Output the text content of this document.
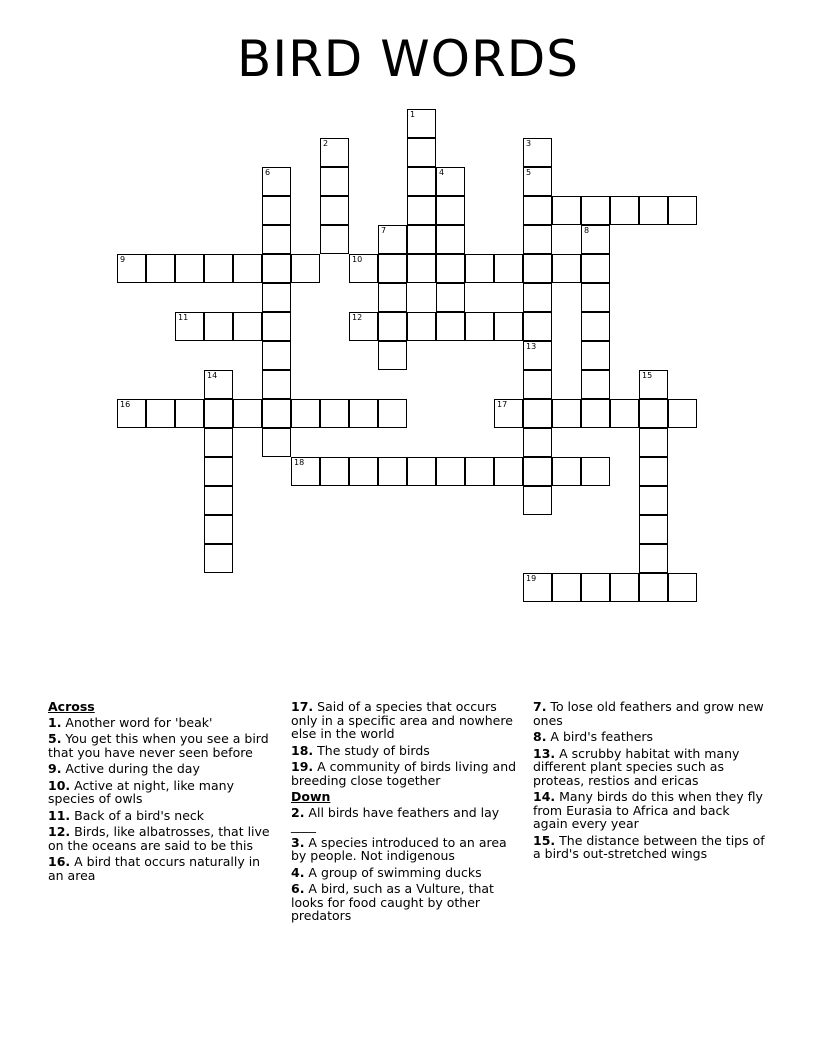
BIRD WORDS
1
2	3
5
4
6
7	8
9	10
11	12
13
14	15
16	17
18
19
Across
1. Another word for 'beak'
5. You get this when you see a bird that you have never seen before
9. Active during the day
10. Active at night, like many species of owls
11. Back of a bird's neck
12. Birds, like albatrosses, that live on the oceans are said to be this
16. A bird that occurs naturally in an area
17. Said of a species that occurs only in a specific area and nowhere else in the world
18. The study of birds
19. A community of birds living and breeding close together
Down
2. All birds have feathers and lay ____
3. A species introduced to an area by people. Not indigenous
4. A group of swimming ducks
6. A bird, such as a Vulture, that looks for food caught by other predators
7. To lose old feathers and grow new ones
8. A bird's feathers
13. A scrubby habitat with many different plant species such as proteas, restios and ericas
14. Many birds do this when they fly from Eurasia to Africa and back again every year
15. The distance between the tips of a bird's out-stretched wings
